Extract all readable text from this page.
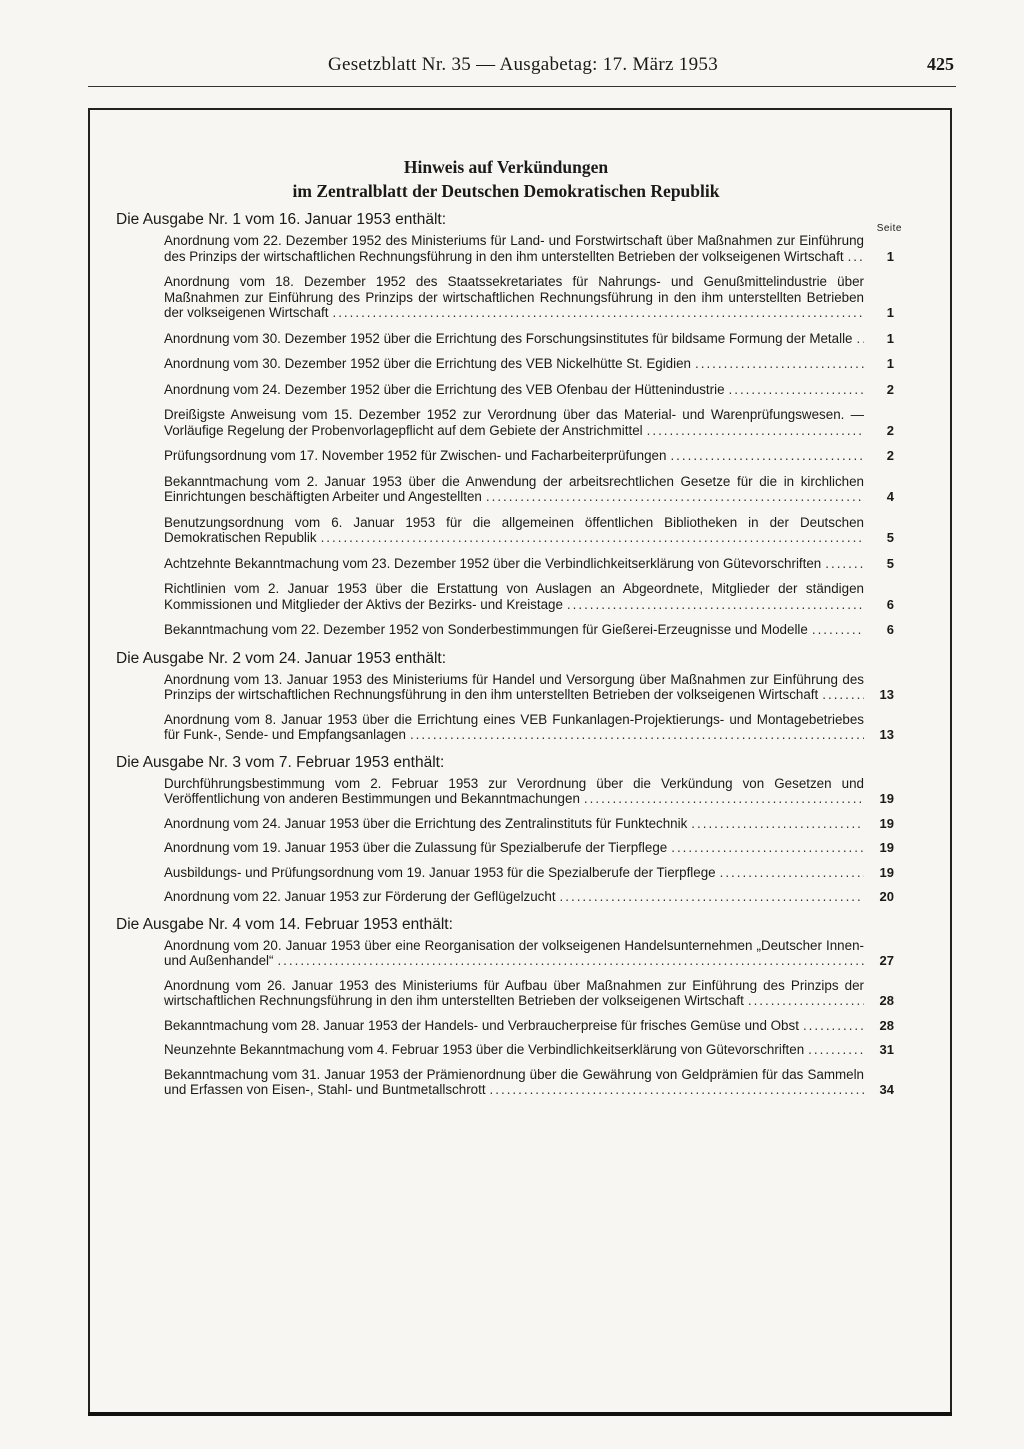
Gesetzblatt Nr. 35 — Ausgabetag: 17. März 1953	425
Hinweis auf Verkündungen
im Zentralblatt der Deutschen Demokratischen Republik
Die Ausgabe Nr. 1 vom 16. Januar 1953 enthält:
Seite
Anordnung vom 22. Dezember 1952 des Ministeriums für Land- und Forstwirtschaft über Maßnahmen zur Einführung des Prinzips der wirtschaftlichen Rechnungsführung in den ihm unterstellten Betrieben der volkseigenen Wirtschaft .....	1
Anordnung vom 18. Dezember 1952 des Staatssekretariates für Nahrungs- und Genußmittelindustrie über Maßnahmen zur Einführung des Prinzips der wirtschaftlichen Rechnungsführung in den ihm unterstellten Betrieben der volkseigenen Wirtschaft .....	1
Anordnung vom 30. Dezember 1952 über die Errichtung des Forschungsinstitutes für bildsame Formung der Metalle .....	1
Anordnung vom 30. Dezember 1952 über die Errichtung des VEB Nickelhütte St. Egidien .....	1
Anordnung vom 24. Dezember 1952 über die Errichtung des VEB Ofenbau der Hüttenindustrie .....	2
Dreißigste Anweisung vom 15. Dezember 1952 zur Verordnung über das Material- und Warenprüfungswesen. — Vorläufige Regelung der Probenvorlagepflicht auf dem Gebiete der Anstrichmittel .....	2
Prüfungsordnung vom 17. November 1952 für Zwischen- und Facharbeiterprüfungen .....	2
Bekanntmachung vom 2. Januar 1953 über die Anwendung der arbeitsrechtlichen Gesetze für die in kirchlichen Einrichtungen beschäftigten Arbeiter und Angestellten .....	4
Benutzungsordnung vom 6. Januar 1953 für die allgemeinen öffentlichen Bibliotheken in der Deutschen Demokratischen Republik .....	5
Achtzehnte Bekanntmachung vom 23. Dezember 1952 über die Verbindlichkeitserklärung von Gütevorschriften .....	5
Richtlinien vom 2. Januar 1953 über die Erstattung von Auslagen an Abgeordnete, Mitglieder der ständigen Kommissionen und Mitglieder der Aktivs der Bezirks- und Kreistage .....	6
Bekanntmachung vom 22. Dezember 1952 von Sonderbestimmungen für Gießerei-Erzeugnisse und Modelle .....	6
Die Ausgabe Nr. 2 vom 24. Januar 1953 enthält:
Anordnung vom 13. Januar 1953 des Ministeriums für Handel und Versorgung über Maßnahmen zur Einführung des Prinzips der wirtschaftlichen Rechnungsführung in den ihm unterstellten Betrieben der volkseigenen Wirtschaft .....	13
Anordnung vom 8. Januar 1953 über die Errichtung eines VEB Funkanlagen-Projektierungs- und Montagebetriebes für Funk-, Sende- und Empfangsanlagen .....	13
Die Ausgabe Nr. 3 vom 7. Februar 1953 enthält:
Durchführungsbestimmung vom 2. Februar 1953 zur Verordnung über die Verkündung von Gesetzen und Veröffentlichung von anderen Bestimmungen und Bekanntmachungen .....	19
Anordnung vom 24. Januar 1953 über die Errichtung des Zentralinstituts für Funktechnik .....	19
Anordnung vom 19. Januar 1953 über die Zulassung für Spezialberufe der Tierpflege .....	19
Ausbildungs- und Prüfungsordnung vom 19. Januar 1953 für die Spezialberufe der Tierpflege .....	19
Anordnung vom 22. Januar 1953 zur Förderung der Geflügelzucht .....	20
Die Ausgabe Nr. 4 vom 14. Februar 1953 enthält:
Anordnung vom 20. Januar 1953 über eine Reorganisation der volkseigenen Handelsunternehmen „Deutscher Innen- und Außenhandel“ .....	27
Anordnung vom 26. Januar 1953 des Ministeriums für Aufbau über Maßnahmen zur Einführung des Prinzips der wirtschaftlichen Rechnungsführung in den ihm unterstellten Betrieben der volkseigenen Wirtschaft .....	28
Bekanntmachung vom 28. Januar 1953 der Handels- und Verbraucherpreise für frisches Gemüse und Obst .....	28
Neunzehnte Bekanntmachung vom 4. Februar 1953 über die Verbindlichkeitserklärung von Gütevorschriften .....	31
Bekanntmachung vom 31. Januar 1953 der Prämienordnung über die Gewährung von Geldprämien für das Sammeln und Erfassen von Eisen-, Stahl- und Buntmetallschrott .....	34
